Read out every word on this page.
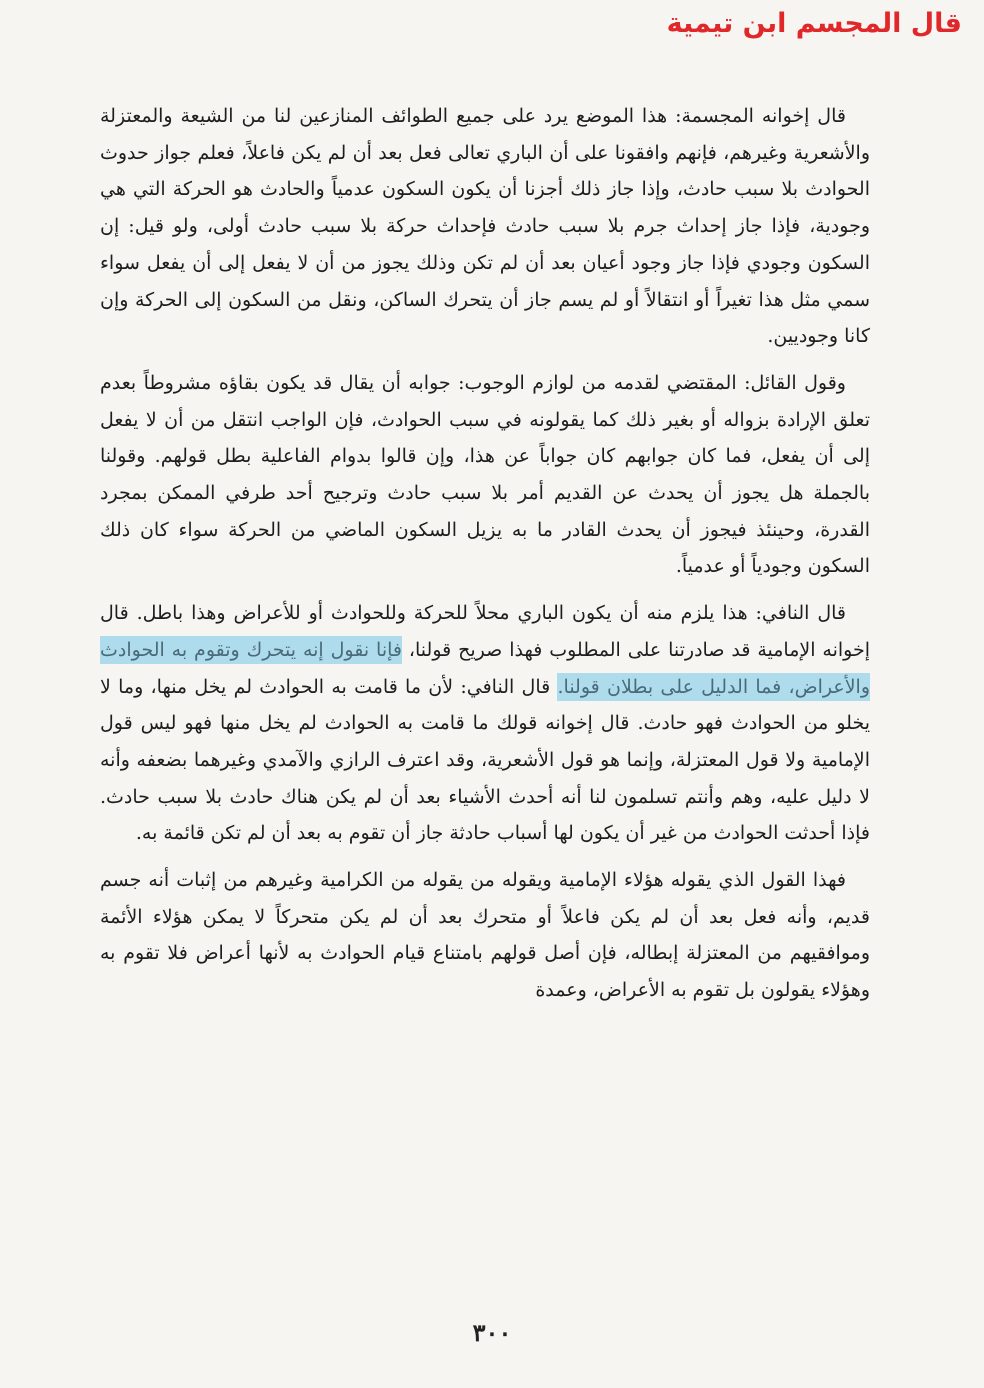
قال المجسم ابن تيمية

قال إخوانه المجسمة: هذا الموضع يرد على جميع الطوائف المنازعين لنا من الشيعة والمعتزلة والأشعرية وغيرهم، فإنهم وافقونا على أن الباري تعالى فعل بعد أن لم يكن فاعلاً، فعلم جواز حدوث الحوادث بلا سبب حادث، وإذا جاز ذلك أجزنا أن يكون السكون عدمياً والحادث هو الحركة التي هي وجودية، فإذا جاز إحداث جرم بلا سبب حادث فإحداث حركة بلا سبب حادث أولى، ولو قيل: إن السكون وجودي فإذا جاز وجود أعيان بعد أن لم تكن وذلك يجوز من أن لا يفعل إلى أن يفعل سواء سمي مثل هذا تغيراً أو انتقالاً أو لم يسم جاز أن يتحرك الساكن، ونقل من السكون إلى الحركة وإن كانا وجوديين.

وقول القائل: المقتضي لقدمه من لوازم الوجوب: جوابه أن يقال قد يكون بقاؤه مشروطاً بعدم تعلق الإرادة بزواله أو بغير ذلك كما يقولونه في سبب الحوادث، فإن الواجب انتقل من أن لا يفعل إلى أن يفعل، فما كان جوابهم كان جواباً عن هذا، وإن قالوا بدوام الفاعلية بطل قولهم. وقولنا بالجملة هل يجوز أن يحدث عن القديم أمر بلا سبب حادث وترجيح أحد طرفي الممكن بمجرد القدرة، وحينئذ فيجوز أن يحدث القادر ما به يزيل السكون الماضي من الحركة سواء كان ذلك السكون وجودياً أو عدمياً.

قال النافي: هذا يلزم منه أن يكون الباري محلاً للحركة وللحوادث أو للأعراض وهذا باطل. قال إخوانه الإمامية قد صادرتنا على المطلوب فهذا صريح قولنا، فإنا نقول إنه يتحرك وتقوم به الحوادث والأعراض، فما الدليل على بطلان قولنا. قال النافي: لأن ما قامت به الحوادث لم يخل منها، وما لا يخلو من الحوادث فهو حادث. قال إخوانه قولك ما قامت به الحوادث لم يخل منها فهو ليس قول الإمامية ولا قول المعتزلة، وإنما هو قول الأشعرية، وقد اعترف الرازي والآمدي وغيرهما بضعفه وأنه لا دليل عليه، وهم وأنتم تسلمون لنا أنه أحدث الأشياء بعد أن لم يكن هناك حادث بلا سبب حادث. فإذا أحدثت الحوادث من غير أن يكون لها أسباب حادثة جاز أن تقوم به بعد أن لم تكن قائمة به.

فهذا القول الذي يقوله هؤلاء الإمامية ويقوله من يقوله من الكرامية وغيرهم من إثبات أنه جسم قديم، وأنه فعل بعد أن لم يكن فاعلاً أو متحرك بعد أن لم يكن متحركاً لا يمكن هؤلاء الأئمة وموافقيهم من المعتزلة إبطاله، فإن أصل قولهم بامتناع قيام الحوادث به لأنها أعراض فلا تقوم به وهؤلاء يقولون بل تقوم به الأعراض، وعمدة

٣٠٠
